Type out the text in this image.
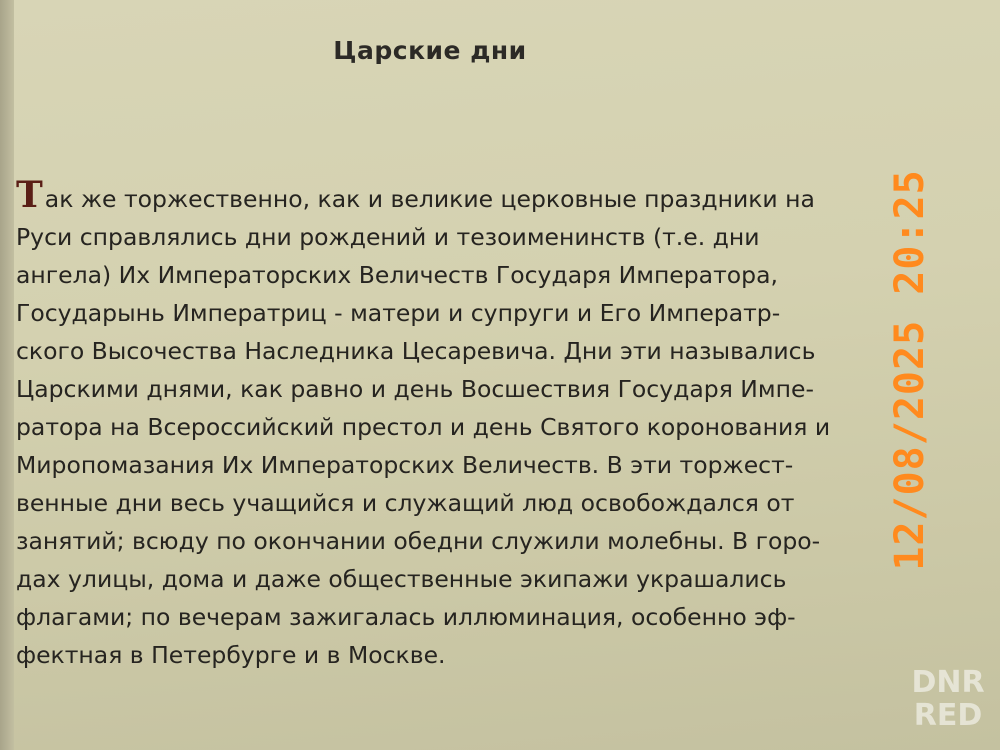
Царские дни
Так же торжественно, как и великие церковные праздники на
Руси справлялись дни рождений и тезоименинств (т.е. дни
ангела) Их Императорских Величеств Государя Императора,
Государынь Императриц - матери и супруги и Его Императр-
ского Высочества Наследника Цесаревича. Дни эти назывались
Царскими днями, как равно и день Восшествия Государя Импе-
ратора на Всероссийский престол и день Святого коронования и
Миропомазания Их Императорских Величеств. В эти торжест-
венные дни весь учащийся и служащий люд освобождался от
занятий; всюду по окончании обедни служили молебны. В горо-
дах улицы, дома и даже общественные экипажи украшались
флагами; по вечерам зажигалась иллюминация, особенно эф-
фектная в Петербурге и в Москве.
12/08/2025 20:25
DNR
RED
